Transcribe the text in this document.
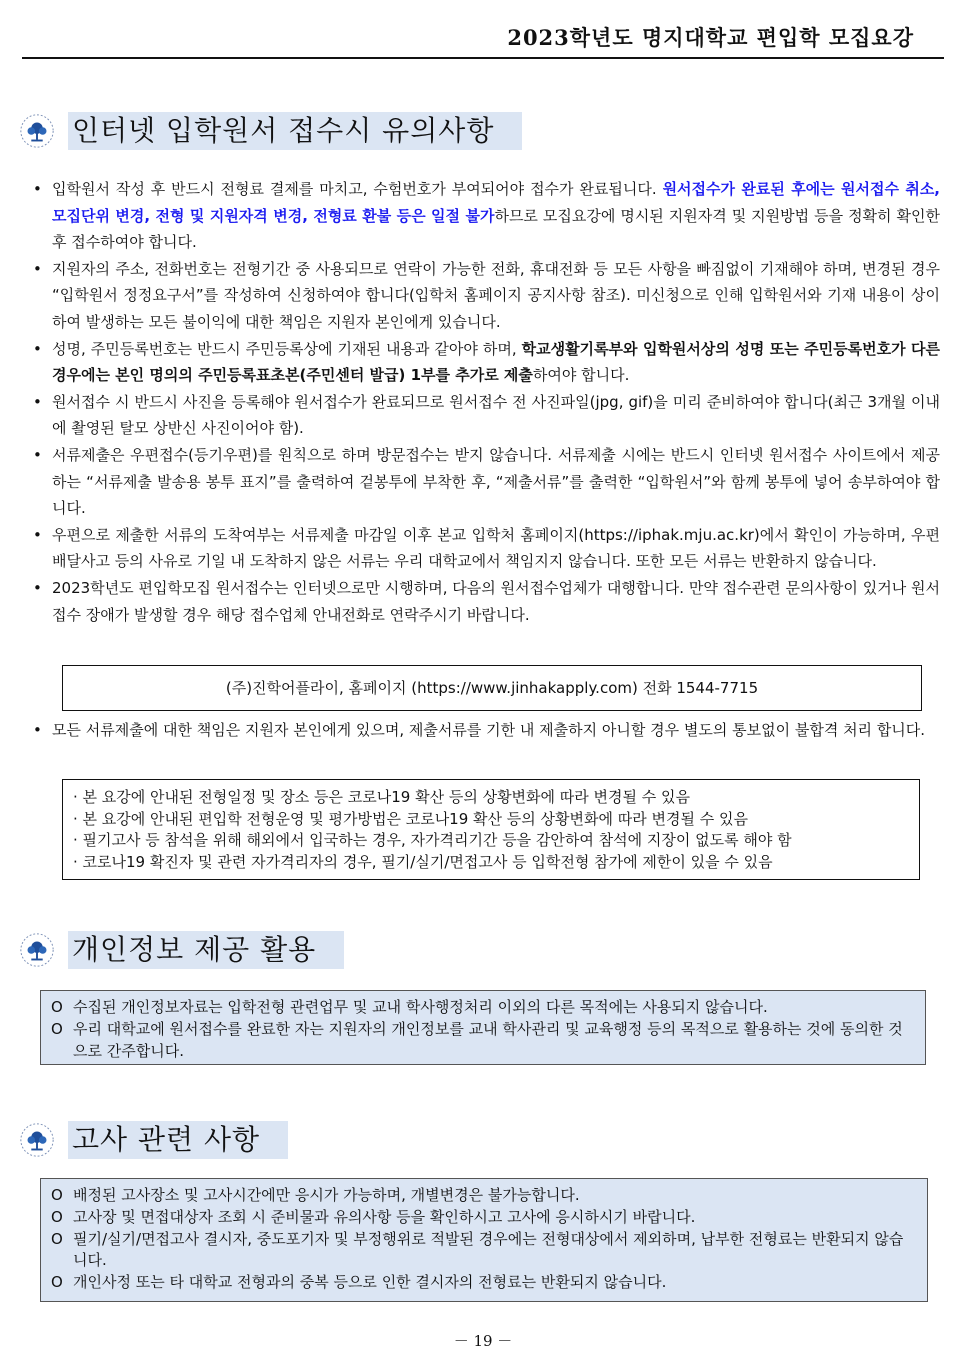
2023학년도 명지대학교 편입학 모집요강
인터넷 입학원서 접수시 유의사항
• 입학원서 작성 후 반드시 전형료 결제를 마치고, 수험번호가 부여되어야 접수가 완료됩니다. 원서접수가 완료된 후에는 원서접수 취소, 모집단위 변경, 전형 및 지원자격 변경, 전형료 환불 등은 일절 불가하므로 모집요강에 명시된 지원자격 및 지원방법 등을 정확히 확인한 후 접수하여야 합니다.
• 지원자의 주소, 전화번호는 전형기간 중 사용되므로 연락이 가능한 전화, 휴대전화 등 모든 사항을 빠짐없이 기재해야 하며, 변경된 경우 “입학원서 정정요구서”를 작성하여 신청하여야 합니다(입학처 홈페이지 공지사항 참조). 미신청으로 인해 입학원서와 기재 내용이 상이하여 발생하는 모든 불이익에 대한 책임은 지원자 본인에게 있습니다.
• 성명, 주민등록번호는 반드시 주민등록상에 기재된 내용과 같아야 하며, 학교생활기록부와 입학원서상의 성명 또는 주민등록번호가 다른 경우에는 본인 명의의 주민등록표초본(주민센터 발급) 1부를 추가로 제출하여야 합니다.
• 원서접수 시 반드시 사진을 등록해야 원서접수가 완료되므로 원서접수 전 사진파일(jpg, gif)을 미리 준비하여야 합니다(최근 3개월 이내에 촬영된 탈모 상반신 사진이어야 함).
• 서류제출은 우편접수(등기우편)를 원칙으로 하며 방문접수는 받지 않습니다. 서류제출 시에는 반드시 인터넷 원서접수 사이트에서 제공하는 “서류제출 발송용 봉투 표지”를 출력하여 겉봉투에 부착한 후, “제출서류”를 출력한 “입학원서”와 함께 봉투에 넣어 송부하여야 합니다.
• 우편으로 제출한 서류의 도착여부는 서류제출 마감일 이후 본교 입학처 홈페이지(https://iphak.mju.ac.kr)에서 확인이 가능하며, 우편 배달사고 등의 사유로 기일 내 도착하지 않은 서류는 우리 대학교에서 책임지지 않습니다. 또한 모든 서류는 반환하지 않습니다.
• 2023학년도 편입학모집 원서접수는 인터넷으로만 시행하며, 다음의 원서접수업체가 대행합니다. 만약 접수관련 문의사항이 있거나 원서접수 장애가 발생할 경우 해당 접수업체 안내전화로 연락주시기 바랍니다.
(주)진학어플라이, 홈페이지 (https://www.jinhakapply.com) 전화 1544-7715
• 모든 서류제출에 대한 책임은 지원자 본인에게 있으며, 제출서류를 기한 내 제출하지 아니할 경우 별도의 통보없이 불합격 처리 합니다.
· 본 요강에 안내된 전형일정 및 장소 등은 코로나19 확산 등의 상황변화에 따라 변경될 수 있음
· 본 요강에 안내된 편입학 전형운영 및 평가방법은 코로나19 확산 등의 상황변화에 따라 변경될 수 있음
· 필기고사 등 참석을 위해 해외에서 입국하는 경우, 자가격리기간 등을 감안하여 참석에 지장이 없도록 해야 함
· 코로나19 확진자 및 관련 자가격리자의 경우, 필기/실기/면접고사 등 입학전형 참가에 제한이 있을 수 있음
개인정보 제공 활용
O 수집된 개인정보자료는 입학전형 관련업무 및 교내 학사행정처리 이외의 다른 목적에는 사용되지 않습니다.
O 우리 대학교에 원서접수를 완료한 자는 지원자의 개인정보를 교내 학사관리 및 교육행정 등의 목적으로 활용하는 것에 동의한 것으로 간주합니다.
고사 관련 사항
O 배정된 고사장소 및 고사시간에만 응시가 가능하며, 개별변경은 불가능합니다.
O 고사장 및 면접대상자 조회 시 준비물과 유의사항 등을 확인하시고 고사에 응시하시기 바랍니다.
O 필기/실기/면접고사 결시자, 중도포기자 및 부정행위로 적발된 경우에는 전형대상에서 제외하며, 납부한 전형료는 반환되지 않습니다.
O 개인사정 또는 타 대학교 전형과의 중복 등으로 인한 결시자의 전형료는 반환되지 않습니다.
－ 19 －
